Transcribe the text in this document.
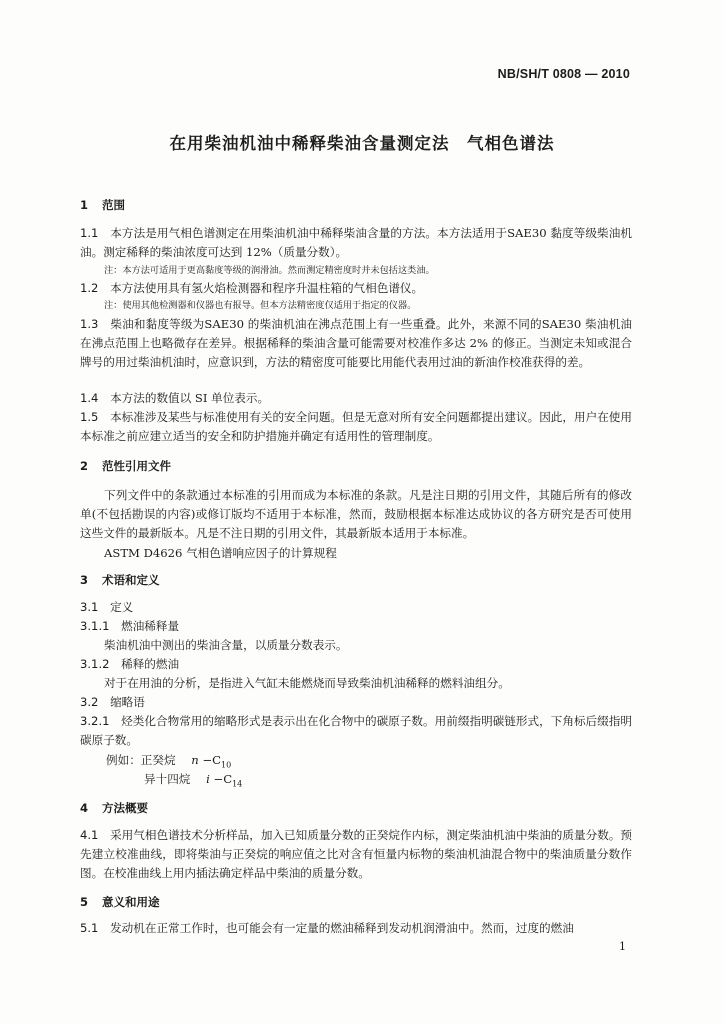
NB/SH/T 0808 — 2010
在用柴油机油中稀释柴油含量测定法　气相色谱法
1 范围
1.1　 本方法是用气相色谱测定在用柴油机油中稀释柴油含量的方法。本方法适用于SAE30 黏度等级柴油机油。测定稀释的柴油浓度可达到 12%（质量分数）。
注：本方法可适用于更高黏度等级的润滑油。然而测定精密度时并未包括这类油。
1.2　 本方法使用具有氢火焰检测器和程序升温柱箱的气相色谱仪。
注：使用其他检测器和仪器也有报导。但本方法精密度仅适用于指定的仪器。
1.3　 柴油和黏度等级为SAE30 的柴油机油在沸点范围上有一些重叠。此外，来源不同的SAE30 柴油机油在沸点范围上也略微存在差异。根据稀释的柴油含量可能需要对校准作多达 2% 的修正。当测定未知或混合牌号的用过柴油机油时，应意识到，方法的精密度可能要比用能代表用过油的新油作校准获得的差。
1.4　 本方法的数值以 SI 单位表示。
1.5　 本标准涉及某些与标准使用有关的安全问题。但是无意对所有安全问题都提出建议。因此，用户在使用本标准之前应建立适当的安全和防护措施并确定有适用性的管理制度。
2 范性引用文件
下列文件中的条款通过本标准的引用而成为本标准的条款。凡是注日期的引用文件，其随后所有的修改单(不包括勘误的内容)或修订版均不适用于本标准，然而，鼓励根据本标准达成协议的各方研究是否可使用这些文件的最新版本。凡是不注日期的引用文件，其最新版本适用于本标准。
ASTM D4626 气相色谱响应因子的计算规程
3 术语和定义
3.1　 定义
3.1.1　 燃油稀释量
柴油机油中测出的柴油含量，以质量分数表示。
3.1.2　 稀释的燃油
对于在用油的分析，是指进入气缸未能燃烧而导致柴油机油稀释的燃料油组分。
3.2　 缩略语
3.2.1　 烃类化合物常用的缩略形式是表示出在化合物中的碳原子数。用前缀指明碳链形式，下角标后缀指明碳原子数。
例如：正癸烷 $n -C_{10}$
异十四烷 $i -C_{14}$
4 方法概要
4.1　 采用气相色谱技术分析样品，加入已知质量分数的正癸烷作内标，测定柴油机油中柴油的质量分数。预先建立校准曲线，即将柴油与正癸烷的响应值之比对含有恒量内标物的柴油机油混合物中的柴油质量分数作图。在校准曲线上用内插法确定样品中柴油的质量分数。
5 意义和用途
5.1　 发动机在正常工作时，也可能会有一定量的燃油稀释到发动机润滑油中。然而，过度的燃油
1
